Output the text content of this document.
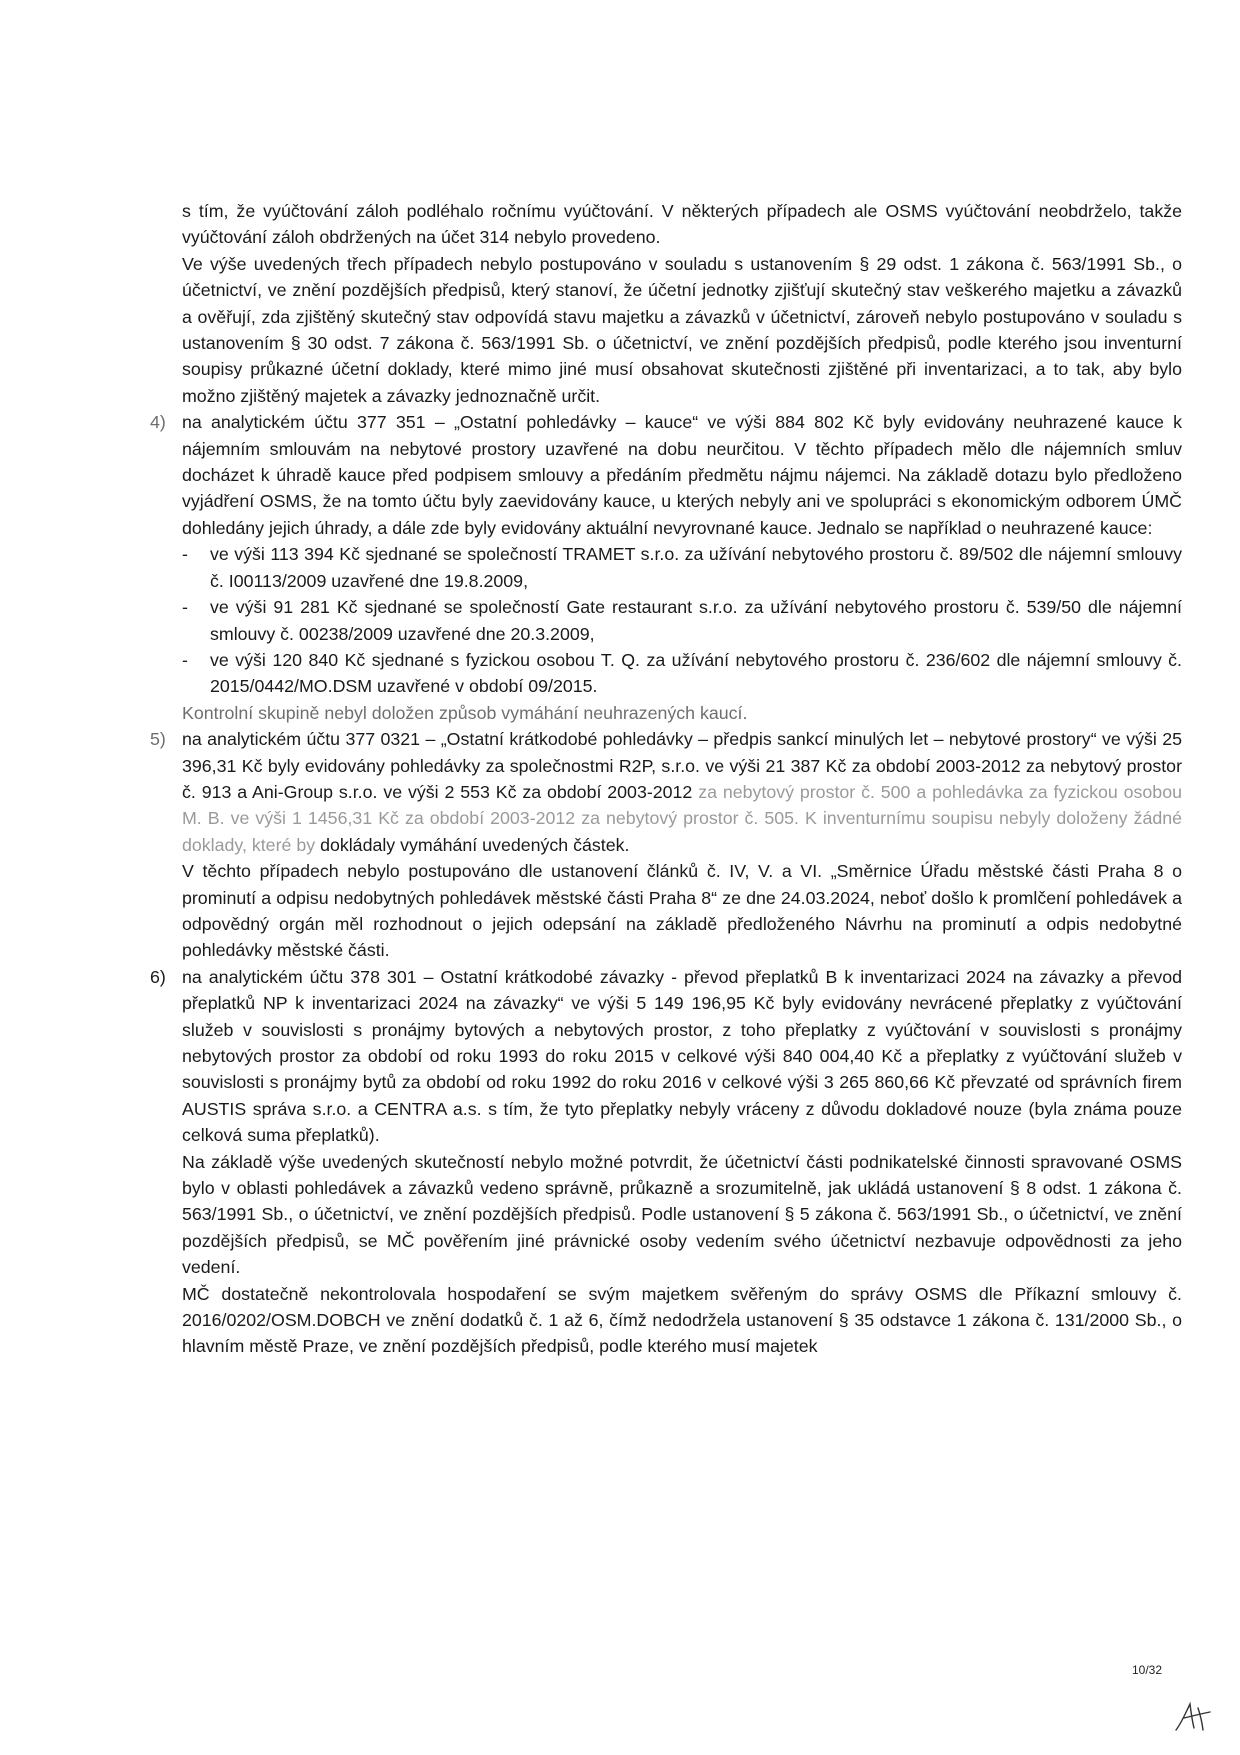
s tím, že vyúčtování záloh podléhalo ročnímu vyúčtování. V některých případech ale OSMS vyúčtování neobdrželo, takže vyúčtování záloh obdržených na účet 314 nebylo provedeno.

Ve výše uvedených třech případech nebylo postupováno v souladu s ustanovením § 29 odst. 1 zákona č. 563/1991 Sb., o účetnictví, ve znění pozdějších předpisů, který stanoví, že účetní jednotky zjišťují skutečný stav veškerého majetku a závazků a ověřují, zda zjištěný skutečný stav odpovídá stavu majetku a závazků v účetnictví, zároveň nebylo postupováno v souladu s ustanovením § 30 odst. 7 zákona č. 563/1991 Sb. o účetnictví, ve znění pozdějších předpisů, podle kterého jsou inventurní soupisy průkazné účetní doklady, které mimo jiné musí obsahovat skutečnosti zjištěné při inventarizaci, a to tak, aby bylo možno zjištěný majetek a závazky jednoznačně určit.

4) na analytickém účtu 377 351 – „Ostatní pohledávky – kauce“ ve výši 884 802 Kč byly evidovány neuhrazené kauce k nájemním smlouvám na nebytové prostory uzavřené na dobu neurčitou. V těchto případech mělo dle nájemních smluv docházet k úhradě kauce před podpisem smlouvy a předáním předmětu nájmu nájemci. Na základě dotazu bylo předloženo vyjádření OSMS, že na tomto účtu byly zaevidovány kauce, u kterých nebyly ani ve spolupráci s ekonomickým odborem ÚMČ dohledány jejich úhrady, a dále zde byly evidovány aktuální nevyrovnané kauce. Jednalo se například o neuhrazené kauce:

-	ve výši 113 394 Kč sjednané se společností TRAMET s.r.o. za užívání nebytového prostoru č. 89/502 dle nájemní smlouvy č. I00113/2009 uzavřené dne 19.8.2009,
-	ve výši 91 281 Kč sjednané se společností Gate restaurant s.r.o. za užívání nebytového prostoru č. 539/50 dle nájemní smlouvy č. 00238/2009 uzavřené dne 20.3.2009,
-	ve výši 120 840 Kč sjednané s fyzickou osobou T. Q. za užívání nebytového prostoru č. 236/602 dle nájemní smlouvy č. 2015/0442/MO.DSM uzavřené v období 09/2015.

Kontrolní skupině nebyl doložen způsob vymáhání neuhrazených kaucí.

5) na analytickém účtu 377 0321 – „Ostatní krátkodobé pohledávky – předpis sankcí minulých let – nebytové prostory“ ve výši 25 396,31 Kč byly evidovány pohledávky za společnostmi R2P, s.r.o. ve výši 21 387 Kč za období 2003-2012 za nebytový prostor č. 913 a Ani-Group s.r.o. ve výši 2 553 Kč za období 2003-2012 za nebytový prostor č. 500 a pohledávka za fyzickou osobou M. B. ve výši 1 1456,31 Kč za období 2003-2012 za nebytový prostor č. 505. K inventurnímu soupisu nebyly doloženy žádné doklady, které by dokládaly vymáhání uvedených částek.

V těchto případech nebylo postupováno dle ustanovení článků č. IV, V. a VI. „Směrnice Úřadu městské části Praha 8 o prominutí a odpisu nedobytných pohledávek městské části Praha 8“ ze dne 24.03.2024, neboť došlo k promlčení pohledávek a odpovědný orgán měl rozhodnout o jejich odepsání na základě předloženého Návrhu na prominutí a odpis nedobytné pohledávky městské části.

6) na analytickém účtu 378 301 – Ostatní krátkodobé závazky - převod přeplatků B k inventarizaci 2024 na závazky a převod přeplatků NP k inventarizaci 2024 na závazky“ ve výši 5 149 196,95 Kč byly evidovány nevrácené přeplatky z vyúčtování služeb v souvislosti s pronájmy bytových a nebytových prostor, z toho přeplatky z vyúčtování v souvislosti s pronájmy nebytových prostor za období od roku 1993 do roku 2015 v celkové výši 840 004,40 Kč a přeplatky z vyúčtování služeb v souvislosti s pronájmy bytů za období od roku 1992 do roku 2016 v celkové výši 3 265 860,66 Kč převzaté od správních firem AUSTIS správa s.r.o. a CENTRA a.s. s tím, že tyto přeplatky nebyly vráceny z důvodu dokladové nouze (byla známa pouze celková suma přeplatků).

Na základě výše uvedených skutečností nebylo možné potvrdit, že účetnictví části podnikatelské činnosti spravované OSMS bylo v oblasti pohledávek a závazků vedeno správně, průkazně a srozumitelně, jak ukládá ustanovení § 8 odst. 1 zákona č. 563/1991 Sb., o účetnictví, ve znění pozdějších předpisů. Podle ustanovení § 5 zákona č. 563/1991 Sb., o účetnictví, ve znění pozdějších předpisů, se MČ pověřením jiné právnické osoby vedením svého účetnictví nezbavuje odpovědnosti za jeho vedení.

MČ dostatečně nekontrolovala hospodaření se svým majetkem svěřeným do správy OSMS dle Příkazní smlouvy č. 2016/0202/OSM.DOBCH ve znění dodatků č. 1 až 6, čímž nedodržela ustanovení § 35 odstavce 1 zákona č. 131/2000 Sb., o hlavním městě Praze, ve znění pozdějších předpisů, podle kterého musí majetek

10/32
